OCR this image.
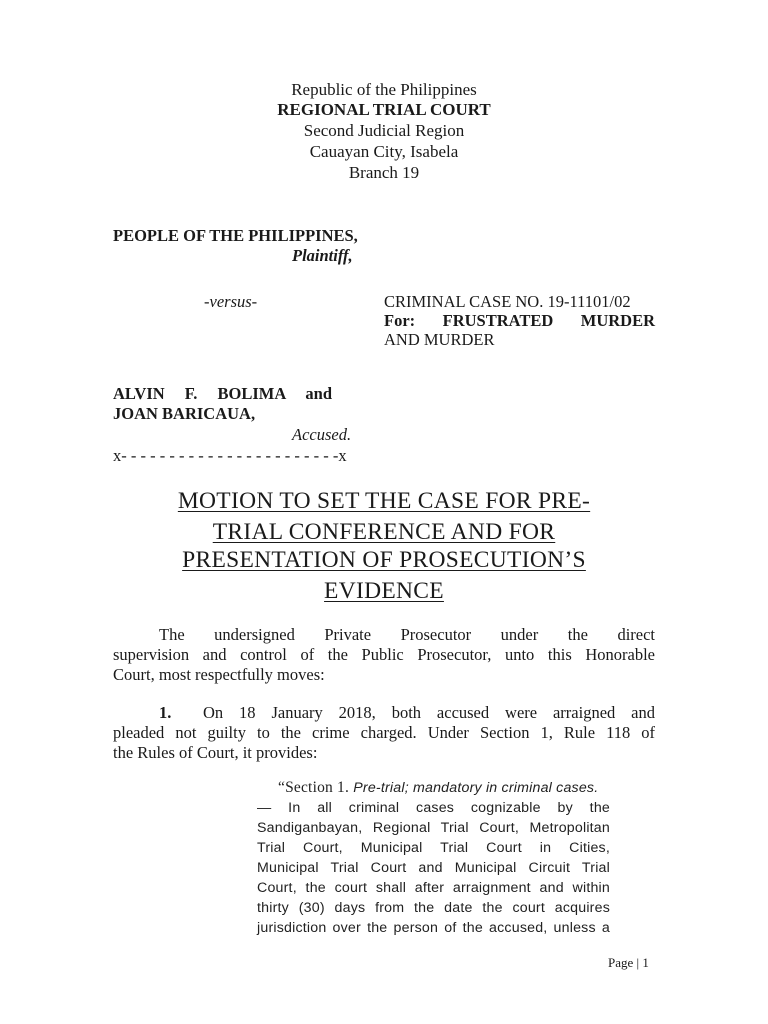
Republic of the Philippines

REGIONAL TRIAL COURT

Second Judicial Region

Cauayan City, Isabela

Branch 19

PEOPLE OF THE PHILIPPINES,

Plaintiff,

-versus-	CRIMINAL CASE NO. 19-11101/02

For: FRUSTRATED MURDER

AND MURDER

ALVIN F. BOLIMA and

JOAN BARICAUA,

Accused.

x- - - - - - - - - - - - - - - - - - - - - - -x

MOTION TO SET THE CASE FOR PRE-

TRIAL CONFERENCE AND FOR

PRESENTATION OF PROSECUTION’S

EVIDENCE

The undersigned Private Prosecutor under the direct

supervision and control of the Public Prosecutor, unto this Honorable

Court, most respectfully moves:

1.	On 18 January 2018, both accused were arraigned and

pleaded not guilty to the crime charged. Under Section 1, Rule 118 of

the Rules of Court, it provides:

“Section 1. Pre-trial; mandatory in criminal cases.

— In all criminal cases cognizable by the

Sandiganbayan, Regional Trial Court, Metropolitan

Trial Court, Municipal Trial Court in Cities,

Municipal Trial Court and Municipal Circuit Trial

Court, the court shall after arraignment and within

thirty (30) days from the date the court acquires

jurisdiction over the person of the accused, unless a

Page | 1
